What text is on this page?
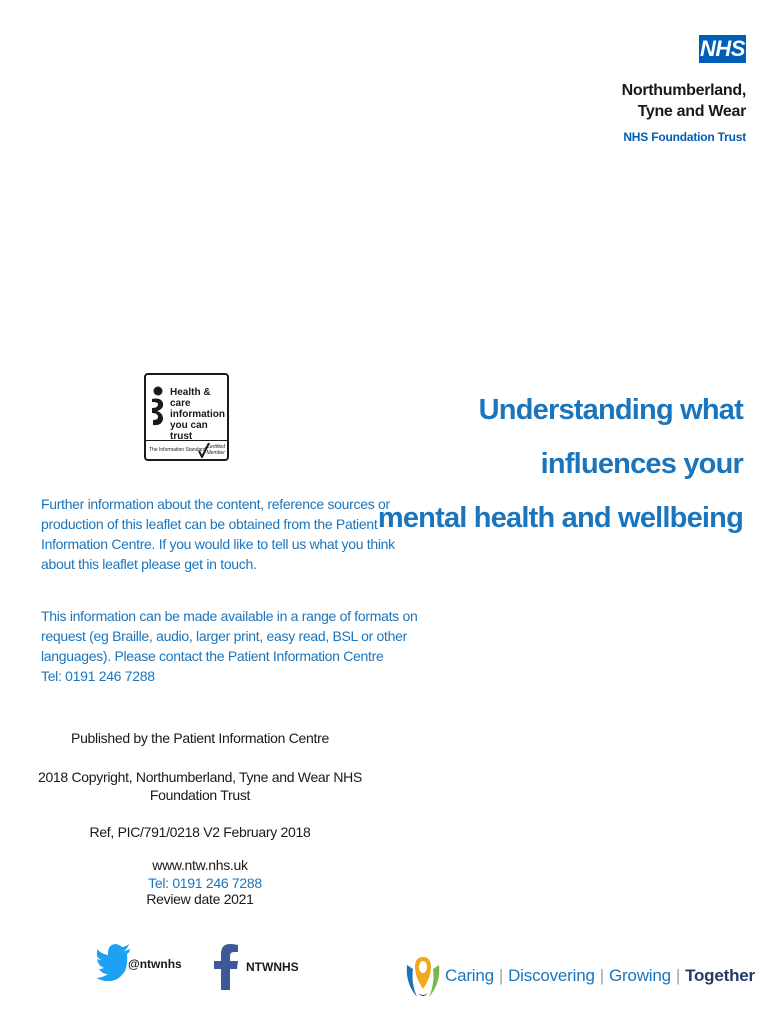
NHS
Northumberland,
Tyne and Wear
NHS Foundation Trust
Understanding what
influences your
mental health and wellbeing
Health & care
information
you can trust
The Information Standard Certified
Member
Further information about the content, reference sources or
production of this leaflet can be obtained from the Patient
Information Centre. If you would like to tell us what you think
about this leaflet please get in touch.
This information can be made available in a range of formats on
request (eg Braille, audio, larger print, easy read, BSL or other
languages). Please contact the Patient Information Centre
Tel: 0191 246 7288
Published by the Patient Information Centre
2018 Copyright, Northumberland, Tyne and Wear NHS
Foundation Trust
Ref, PIC/791/0218 V2 February 2018
www.ntw.nhs.uk
Tel: 0191 246 7288
Review date 2021
@ntwnhs	NTWNHS	Caring | Discovering | Growing | Together
